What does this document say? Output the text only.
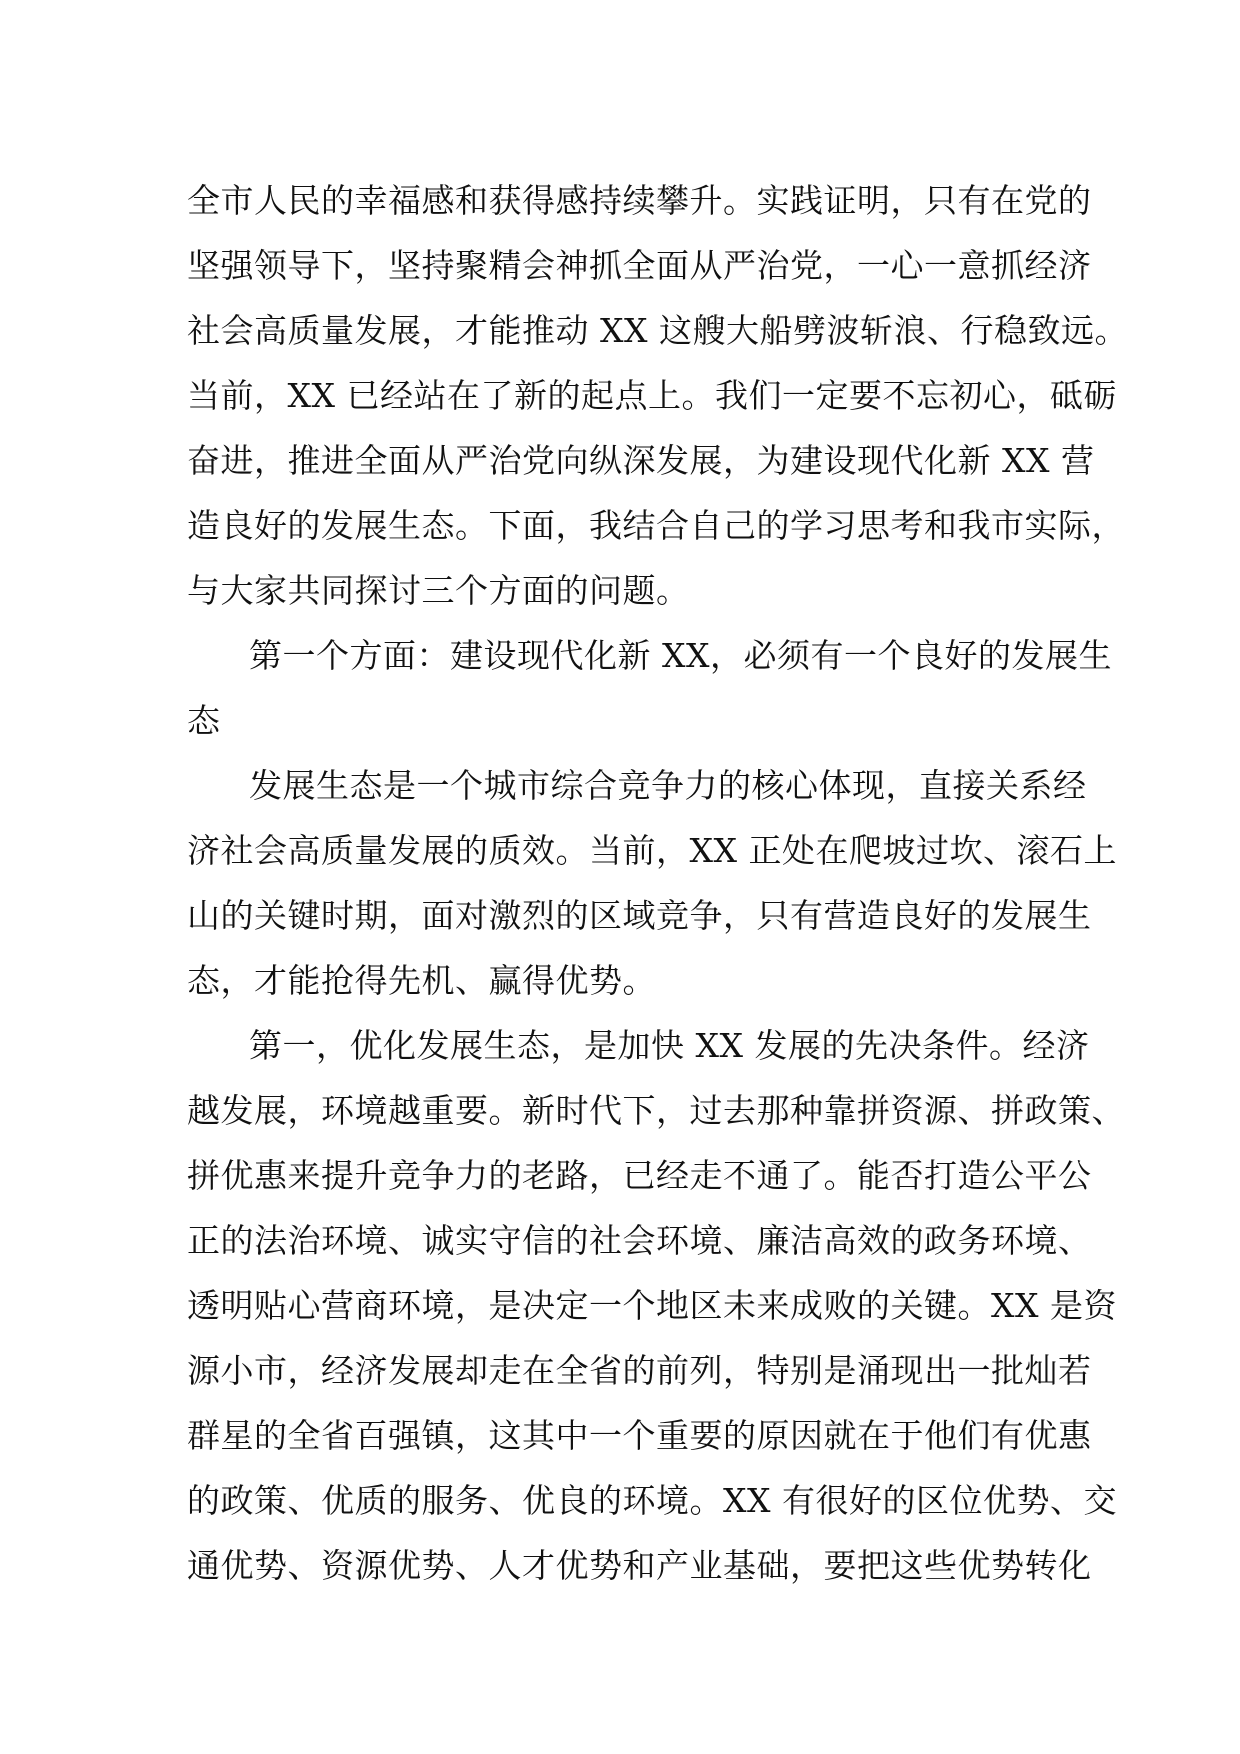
全市人民的幸福感和获得感持续攀升。实践证明，只有在党的
坚强领导下，坚持聚精会神抓全面从严治党，一心一意抓经济
社会高质量发展，才能推动 XX 这艘大船劈波斩浪、行稳致远。
当前，XX 已经站在了新的起点上。我们一定要不忘初心，砥砺
奋进，推进全面从严治党向纵深发展，为建设现代化新 XX 营
造良好的发展生态。下面，我结合自己的学习思考和我市实际，
与大家共同探讨三个方面的问题。
第一个方面：建设现代化新 XX，必须有一个良好的发展生
态
发展生态是一个城市综合竞争力的核心体现，直接关系经
济社会高质量发展的质效。当前，XX 正处在爬坡过坎、滚石上
山的关键时期，面对激烈的区域竞争，只有营造良好的发展生
态，才能抢得先机、赢得优势。
第一，优化发展生态，是加快 XX 发展的先决条件。经济
越发展，环境越重要。新时代下，过去那种靠拼资源、拼政策、
拼优惠来提升竞争力的老路，已经走不通了。能否打造公平公
正的法治环境、诚实守信的社会环境、廉洁高效的政务环境、
透明贴心营商环境，是决定一个地区未来成败的关键。XX 是资
源小市，经济发展却走在全省的前列，特别是涌现出一批灿若
群星的全省百强镇，这其中一个重要的原因就在于他们有优惠
的政策、优质的服务、优良的环境。XX 有很好的区位优势、交
通优势、资源优势、人才优势和产业基础，要把这些优势转化
